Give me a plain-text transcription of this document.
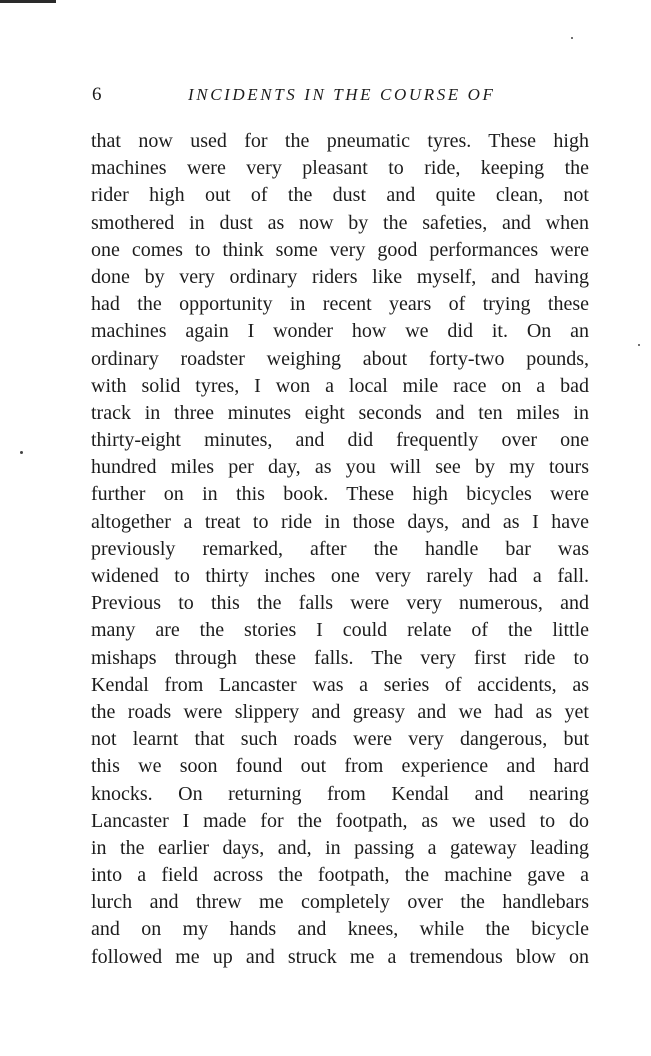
6	INCIDENTS IN THE COURSE OF
that now used for the pneumatic tyres. These high
machines were very pleasant to ride, keeping the
rider high out of the dust and quite clean, not
smothered in dust as now by the safeties, and when
one comes to think some very good performances were
done by very ordinary riders like myself, and having
had the opportunity in recent years of trying these
machines again I wonder how we did it. On an
ordinary roadster weighing about forty-two pounds,
with solid tyres, I won a local mile race on a bad
track in three minutes eight seconds and ten miles in
thirty-eight minutes, and did frequently over one
hundred miles per day, as you will see by my tours
further on in this book. These high bicycles were
altogether a treat to ride in those days, and as I have
previously remarked, after the handle bar was
widened to thirty inches one very rarely had a fall.
Previous to this the falls were very numerous, and
many are the stories I could relate of the little
mishaps through these falls. The very first ride to
Kendal from Lancaster was a series of accidents, as
the roads were slippery and greasy and we had as yet
not learnt that such roads were very dangerous, but
this we soon found out from experience and hard
knocks. On returning from Kendal and nearing
Lancaster I made for the footpath, as we used to do
in the earlier days, and, in passing a gateway leading
into a field across the footpath, the machine gave a
lurch and threw me completely over the handlebars
and on my hands and knees, while the bicycle
followed me up and struck me a tremendous blow on
